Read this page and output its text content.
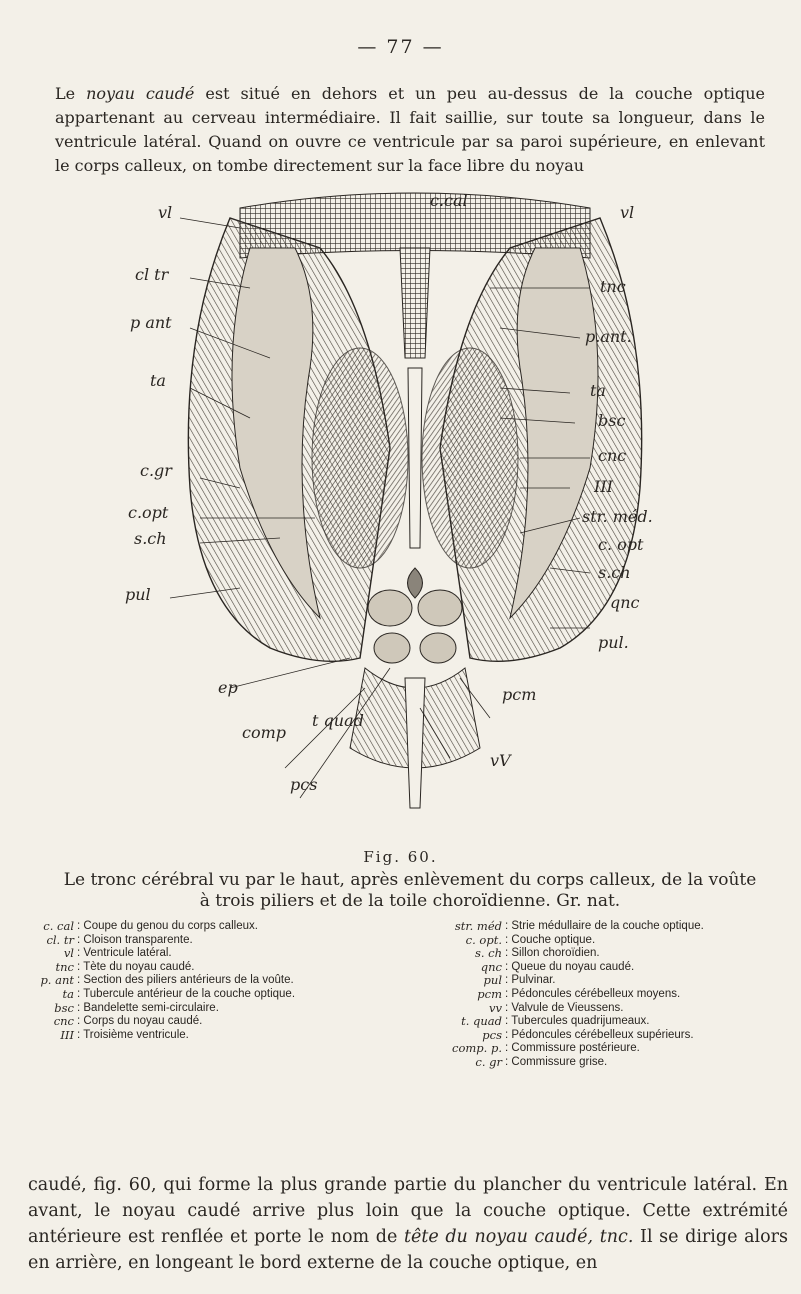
— 77 —

Le noyau caudé est situé en dehors et un peu au-dessus de la couche optique appartenant au cerveau intermédiaire. Il fait saillie, sur toute sa longueur, dans le ventricule latéral. Quand on ouvre ce ventricule par sa paroi supérieure, en enlevant le corps calleux, on tombe directement sur la face libre du noyau

c.cal
vl	vl
cl tr
p ant
ta
c.gr
c.opt
s.ch
pul
tnc
p.ant.
ta
bsc
cnc
III
str. méd.
c. opt
s.ch
qnc
pul.
ep
comp
t quad
pcs
pcm
vV
Fig. 60.
Le tronc cérébral vu par le haut, après enlèvement du corps calleux, de la voûte à trois piliers et de la toile choroïdienne. Gr. nat.
c. cal : Coupe du genou du corps calleux.
cl. tr : Cloison transparente.
vl : Ventricule latéral.
tnc : Tète du noyau caudé.
p. ant : Section des piliers antérieurs de la voûte.
ta : Tubercule antérieur de la couche optique.
bsc : Bandelette semi-circulaire.
cnc : Corps du noyau caudé.
III : Troisième ventricule.
str. méd : Strie médullaire de la couche optique.
c. opt. : Couche optique.
s. ch : Sillon choroïdien.
qnc : Queue du noyau caudé.
pul : Pulvinar.
pcm : Pédoncules cérébelleux moyens.
vv : Valvule de Vieussens.
t. quad : Tubercules quadrijumeaux.
pcs : Pédoncules cérébelleux supérieurs.
comp. p. : Commissure postérieure.
c. gr : Commissure grise.

caudé, fig. 60, qui forme la plus grande partie du plancher du ventricule latéral. En avant, le noyau caudé arrive plus loin que la couche optique. Cette extrémité antérieure est renflée et porte le nom de tête du noyau caudé, tnc. Il se dirige alors en arrière, en longeant le bord externe de la couche optique, en
